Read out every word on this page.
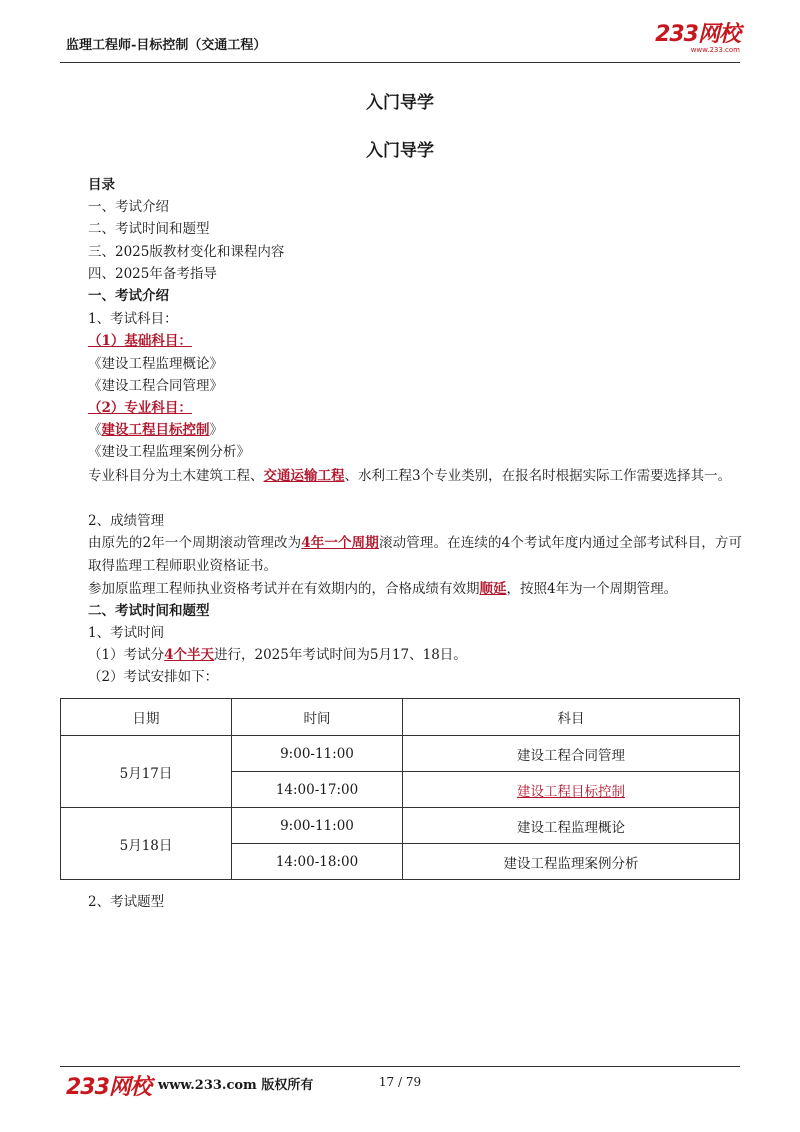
监理工程师-目标控制（交通工程）	233网校
www.233.com
入门导学
入门导学
目录
一、考试介绍
二、考试时间和题型
三、2025版教材变化和课程内容
四、2025年备考指导
一、考试介绍
1、考试科目：
（1）基础科目：
《建设工程监理概论》
《建设工程合同管理》
（2）专业科目：
《建设工程目标控制》
《建设工程监理案例分析》
专业科目分为土木建筑工程、交通运输工程、水利工程3个专业类别，在报名时根据实际工作需要选择其一。
2、成绩管理
由原先的2年一个周期滚动管理改为4年一个周期滚动管理。在连续的4个考试年度内通过全部考试科目，方可取得监理工程师职业资格证书。
参加原监理工程师执业资格考试并在有效期内的，合格成绩有效期顺延，按照4年为一个周期管理。
二、考试时间和题型
1、考试时间
（1）考试分4个半天进行，2025年考试时间为5月17、18日。
（2）考试安排如下：
日期	时间	科目
5月17日	9:00-11:00	建设工程合同管理
	14:00-17:00	建设工程目标控制
5月18日	9:00-11:00	建设工程监理概论
	14:00-18:00	建设工程监理案例分析
2、考试题型
233网校 www.233.com 版权所有	17 / 79
